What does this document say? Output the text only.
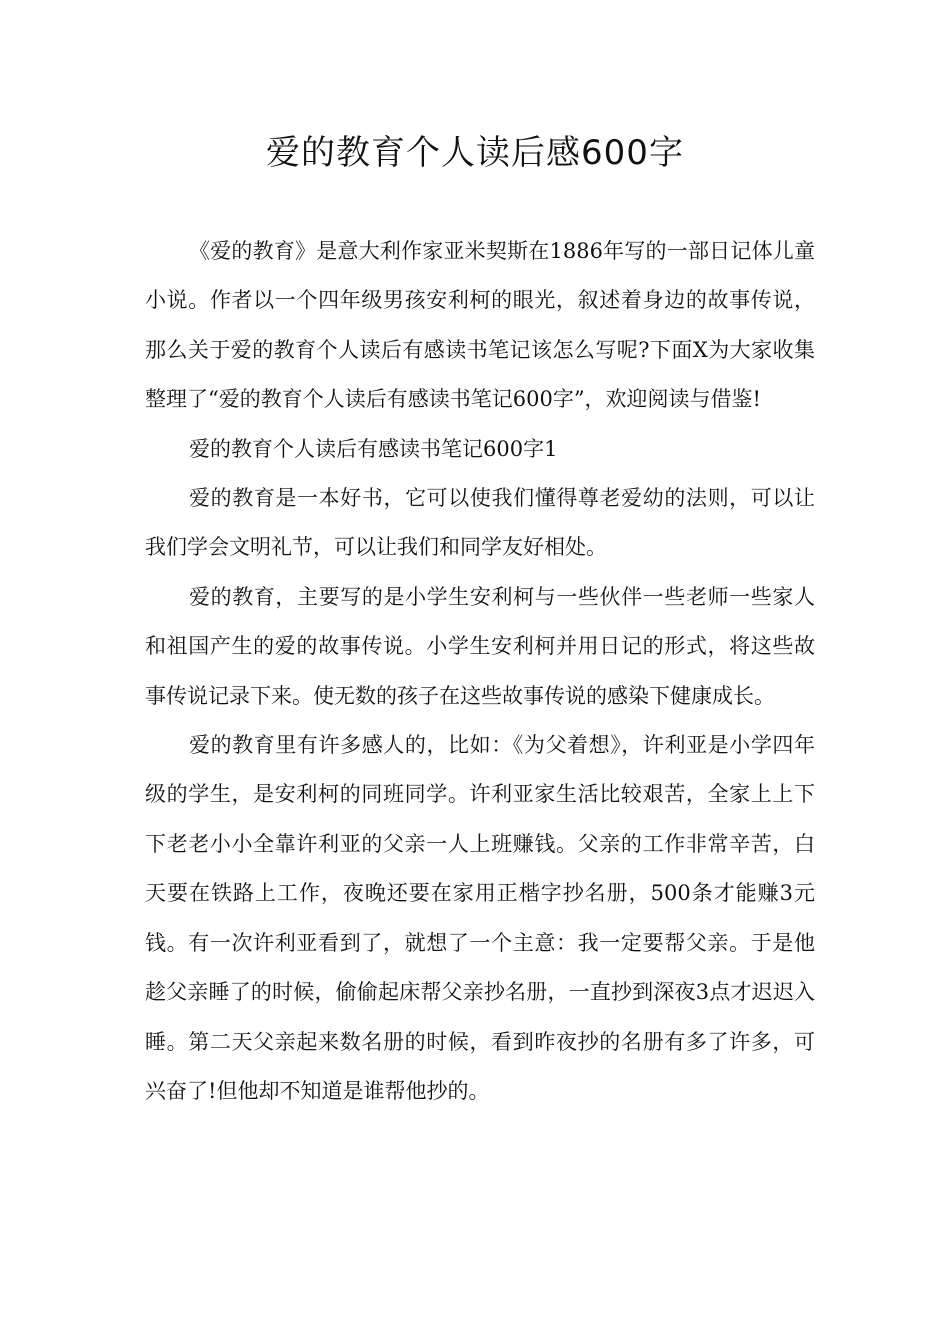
爱的教育个人读后感600字

《爱的教育》是意大利作家亚米契斯在1886年写的一部日记体儿童小说。作者以一个四年级男孩安利柯的眼光，叙述着身边的故事传说，那么关于爱的教育个人读后有感读书笔记该怎么写呢?下面X为大家收集整理了“爱的教育个人读后有感读书笔记600字”，欢迎阅读与借鉴!

爱的教育个人读后有感读书笔记600字1

爱的教育是一本好书，它可以使我们懂得尊老爱幼的法则，可以让我们学会文明礼节，可以让我们和同学友好相处。

爱的教育，主要写的是小学生安利柯与一些伙伴一些老师一些家人和祖国产生的爱的故事传说。小学生安利柯并用日记的形式，将这些故事传说记录下来。使无数的孩子在这些故事传说的感染下健康成长。

爱的教育里有许多感人的，比如：《为父着想》，许利亚是小学四年级的学生，是安利柯的同班同学。许利亚家生活比较艰苦，全家上上下下老老小小全靠许利亚的父亲一人上班赚钱。父亲的工作非常辛苦，白天要在铁路上工作，夜晚还要在家用正楷字抄名册，500条才能赚3元钱。有一次许利亚看到了，就想了一个主意：我一定要帮父亲。于是他趁父亲睡了的时候，偷偷起床帮父亲抄名册，一直抄到深夜3点才迟迟入睡。第二天父亲起来数名册的时候，看到昨夜抄的名册有多了许多，可兴奋了!但他却不知道是谁帮他抄的。
